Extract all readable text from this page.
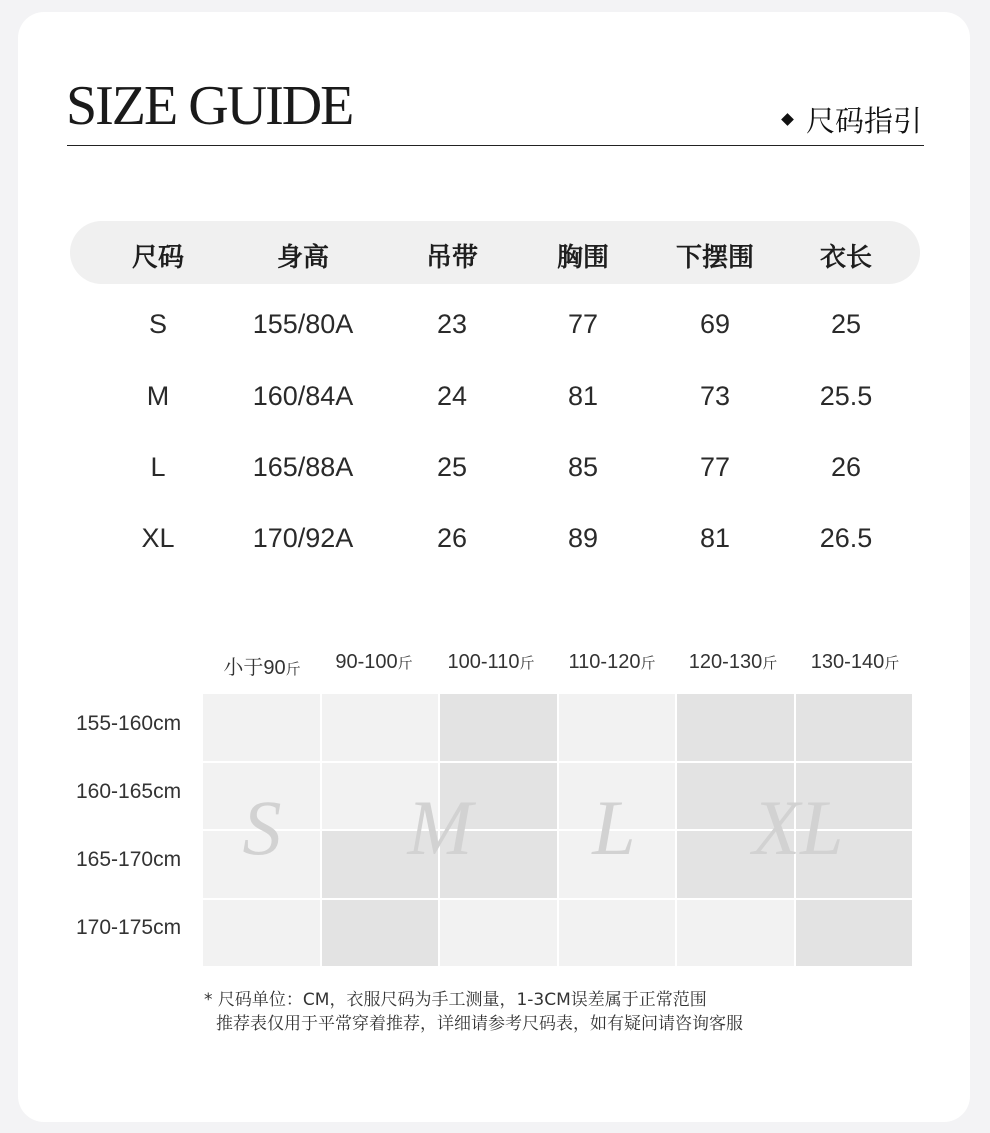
SIZE GUIDE	尺码指引
尺码	身高	吊带	胸围	下摆围	衣长
S	155/80A	23	77	69	25
M	160/84A	24	81	73	25.5
L	165/88A	25	85	77	26
XL	170/92A	26	89	81	26.5
小于90斤 90-100斤 100-110斤 110-120斤 120-130斤 130-140斤
155-160cm
160-165cm
165-170cm
170-175cm
S M L XL
* 尺码单位：CM，衣服尺码为手工测量，1-3CM误差属于正常范围
推荐表仅用于平常穿着推荐，详细请参考尺码表，如有疑问请咨询客服
